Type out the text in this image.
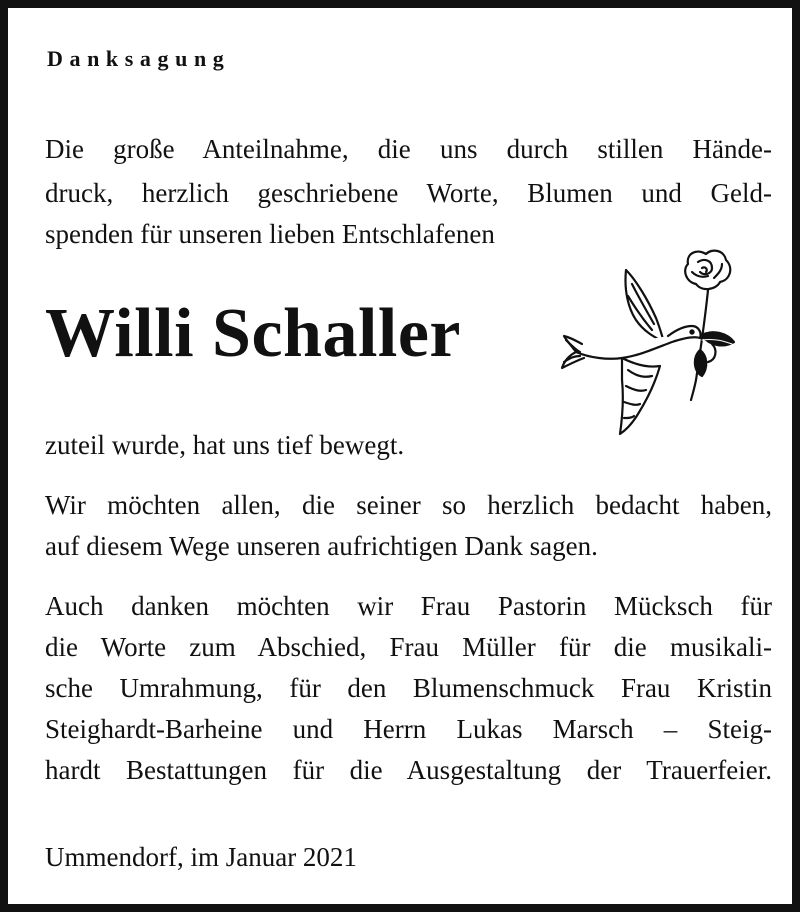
Danksagung
Die große Anteilnahme, die uns durch stillen Hände-
druck, herzlich geschriebene Worte, Blumen und Geld-
spenden für unseren lieben Entschlafenen
Willi Schaller
zuteil wurde, hat uns tief bewegt.
Wir möchten allen, die seiner so herzlich bedacht haben,
auf diesem Wege unseren aufrichtigen Dank sagen.
Auch danken möchten wir Frau Pastorin Mücksch für
die Worte zum Abschied, Frau Müller für die musikali-
sche Umrahmung, für den Blumenschmuck Frau Kristin
Steighardt-Barheine und Herrn Lukas Marsch – Steig-
hardt Bestattungen für die Ausgestaltung der Trauerfeier.
Ummendorf, im Januar 2021
